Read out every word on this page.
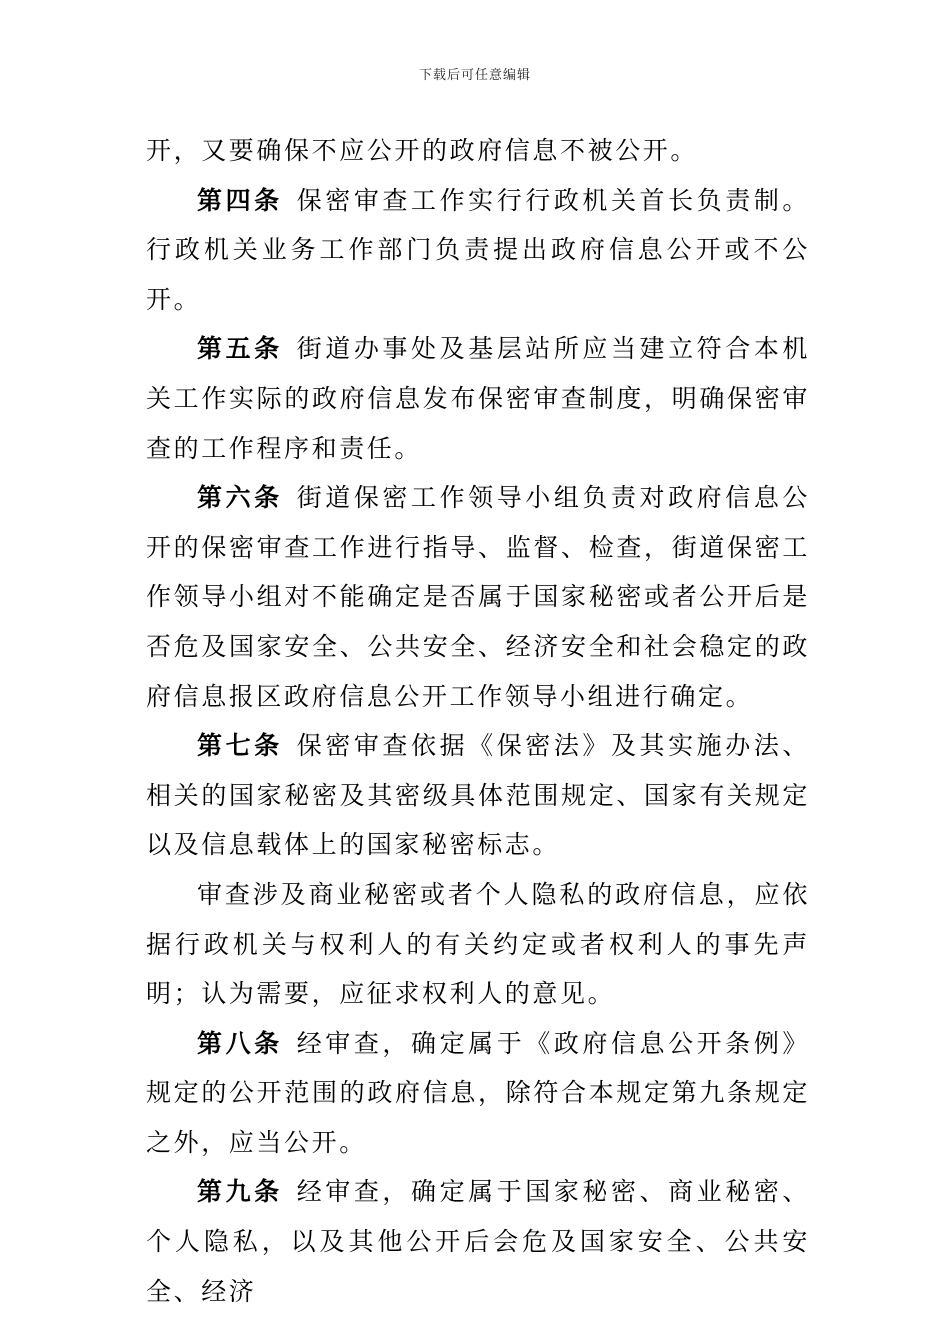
下载后可任意编辑

开，又要确保不应公开的政府信息不被公开。

第四条 保密审查工作实行行政机关首长负责制。行政机关业务工作部门负责提出政府信息公开或不公开。

第五条 街道办事处及基层站所应当建立符合本机关工作实际的政府信息发布保密审查制度，明确保密审查的工作程序和责任。

第六条 街道保密工作领导小组负责对政府信息公开的保密审查工作进行指导、监督、检查，街道保密工作领导小组对不能确定是否属于国家秘密或者公开后是否危及国家安全、公共安全、经济安全和社会稳定的政府信息报区政府信息公开工作领导小组进行确定。

第七条 保密审查依据《保密法》及其实施办法、相关的国家秘密及其密级具体范围规定、国家有关规定以及信息载体上的国家秘密标志。

审查涉及商业秘密或者个人隐私的政府信息，应依据行政机关与权利人的有关约定或者权利人的事先声明；认为需要，应征求权利人的意见。

第八条 经审查，确定属于《政府信息公开条例》规定的公开范围的政府信息，除符合本规定第九条规定之外，应当公开。

第九条 经审查，确定属于国家秘密、商业秘密、个人隐私，以及其他公开后会危及国家安全、公共安全、经济
